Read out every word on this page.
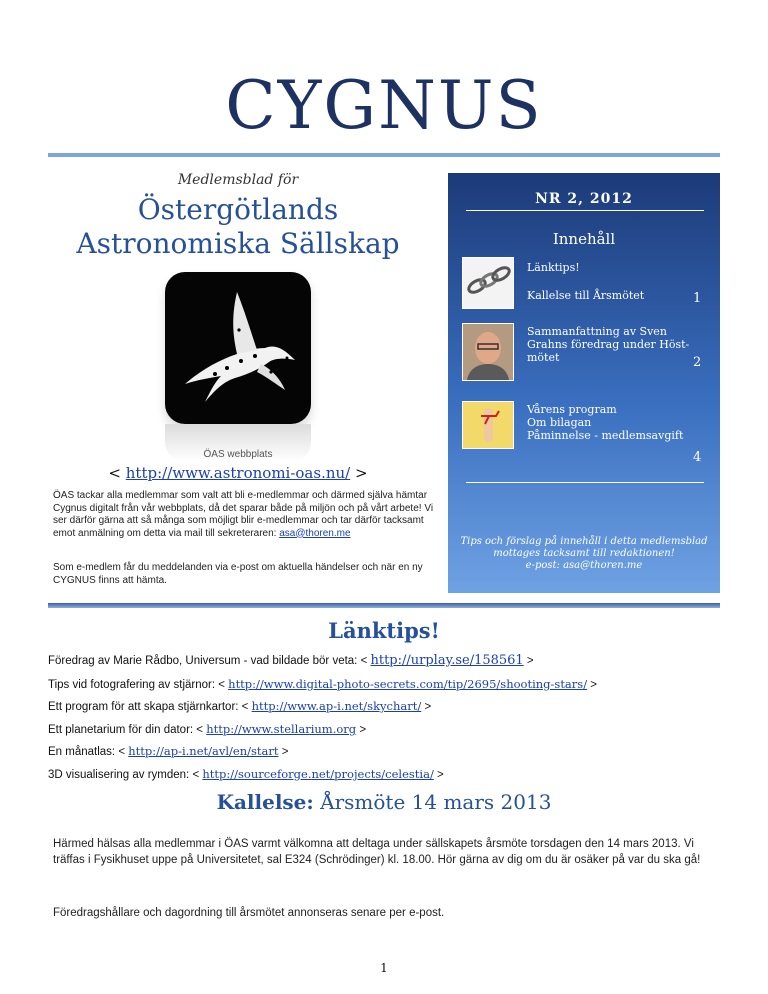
CYGNUS
Medlemsblad för
Östergötlands
Astronomiska Sällskap
ÖAS webbplats
< http://www.astronomi-oas.nu/ >
ÖAS tackar alla medlemmar som valt att bli e-medlemmar och därmed själva hämtar Cygnus digitalt från vår webbplats, då det sparar både på miljön och på vårt arbete! Vi ser därför gärna att så många som möjligt blir e-medlemmar och tar därför tacksamt emot anmälning om detta via mail till sekreteraren: asa@thoren.me
Som e-medlem får du meddelanden via e-post om aktuella händelser och när en ny CYGNUS finns att hämta.
NR 2, 2012
Innehåll
Länktips!
Kallelse till Årsmötet	1
Sammanfattning av Sven
Grahns föredrag under Höst-
mötet	2
Vårens program
Om bilagan
Påminnelse - medlemsavgift
4
Tips och förslag på innehåll i detta medlemsblad
mottages tacksamt till redaktionen!
e-post: asa@thoren.me
Länktips!
Föredrag av Marie Rådbo, Universum - vad bildade bör veta: < http://urplay.se/158561 >
Tips vid fotografering av stjärnor: < http://www.digital-photo-secrets.com/tip/2695/shooting-stars/ >
Ett program för att skapa stjärnkartor: < http://www.ap-i.net/skychart/ >
Ett planetarium för din dator: < http://www.stellarium.org >
En månatlas: < http://ap-i.net/avl/en/start >
3D visualisering av rymden: < http://sourceforge.net/projects/celestia/ >
Kallelse: Årsmöte 14 mars 2013
Härmed hälsas alla medlemmar i ÖAS varmt välkomna att deltaga under sällskapets årsmöte torsdagen den 14 mars 2013. Vi träffas i Fysikhuset uppe på Universitetet, sal E324 (Schrödinger) kl. 18.00. Hör gärna av dig om du är osäker på var du ska gå!
Föredragshållare och dagordning till årsmötet annonseras senare per e-post.
1
